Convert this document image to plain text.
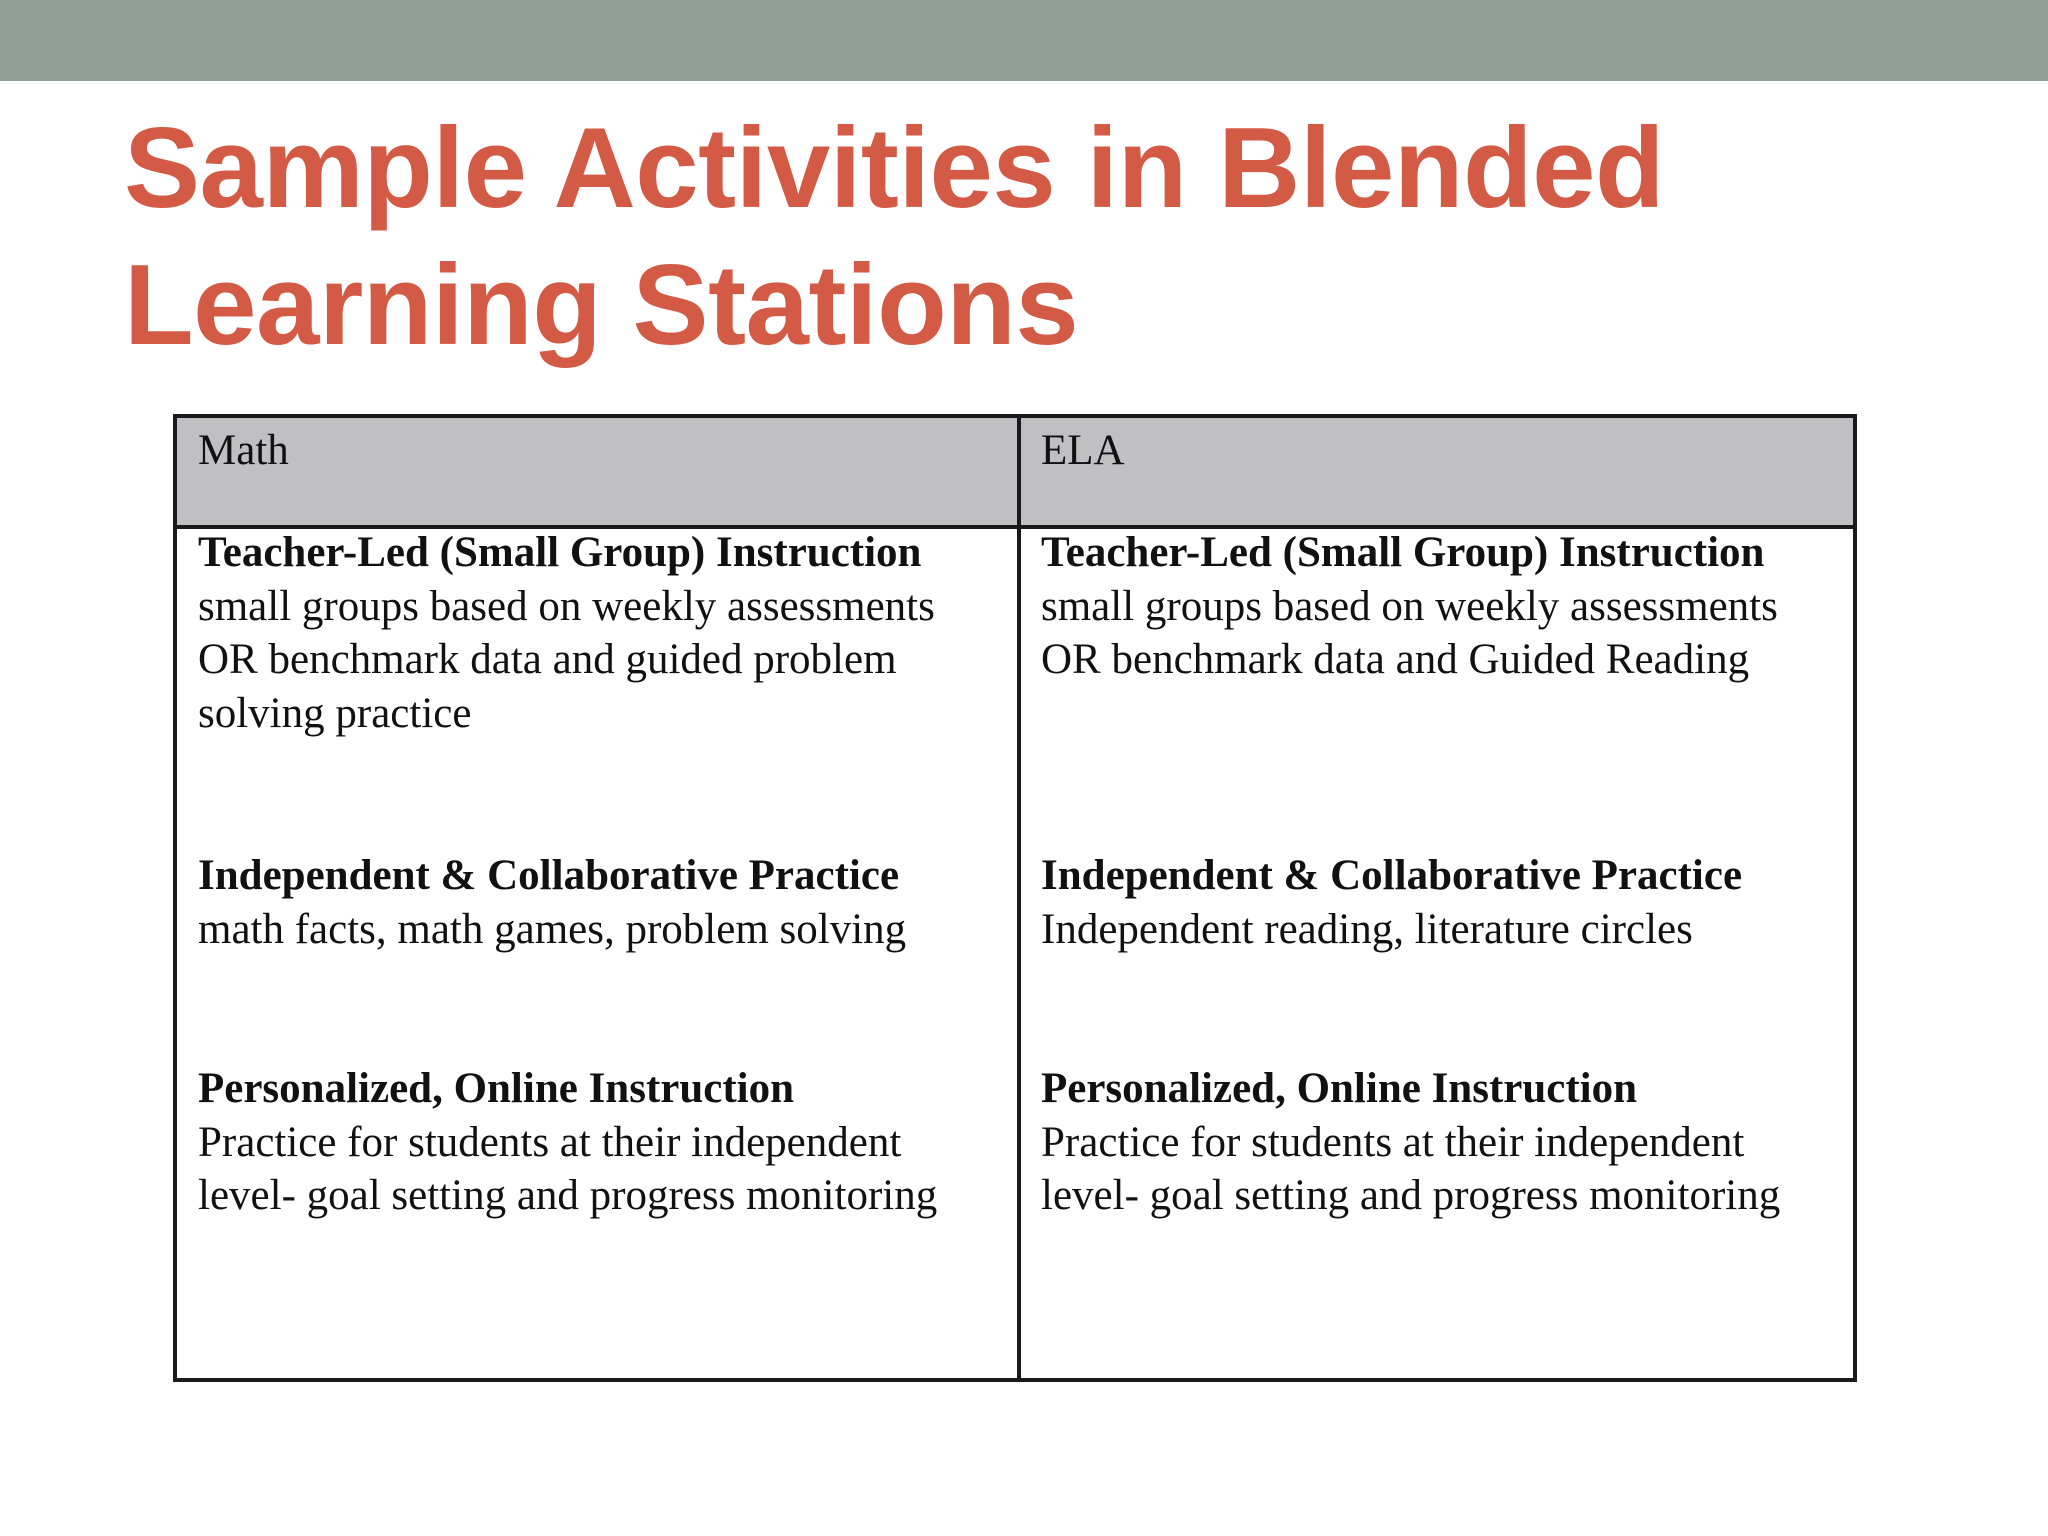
Sample Activities in Blended Learning Stations
Math	ELA
Teacher-Led (Small Group) Instruction
small groups based on weekly assessments OR benchmark data and guided problem solving practice
Independent & Collaborative Practice
math facts, math games, problem solving
Personalized, Online Instruction
Practice for students at their independent level- goal setting and progress monitoring
Teacher-Led (Small Group) Instruction
small groups based on weekly assessments OR benchmark data and Guided Reading
Independent & Collaborative Practice
Independent reading, literature circles
Personalized, Online Instruction
Practice for students at their independent level- goal setting and progress monitoring
